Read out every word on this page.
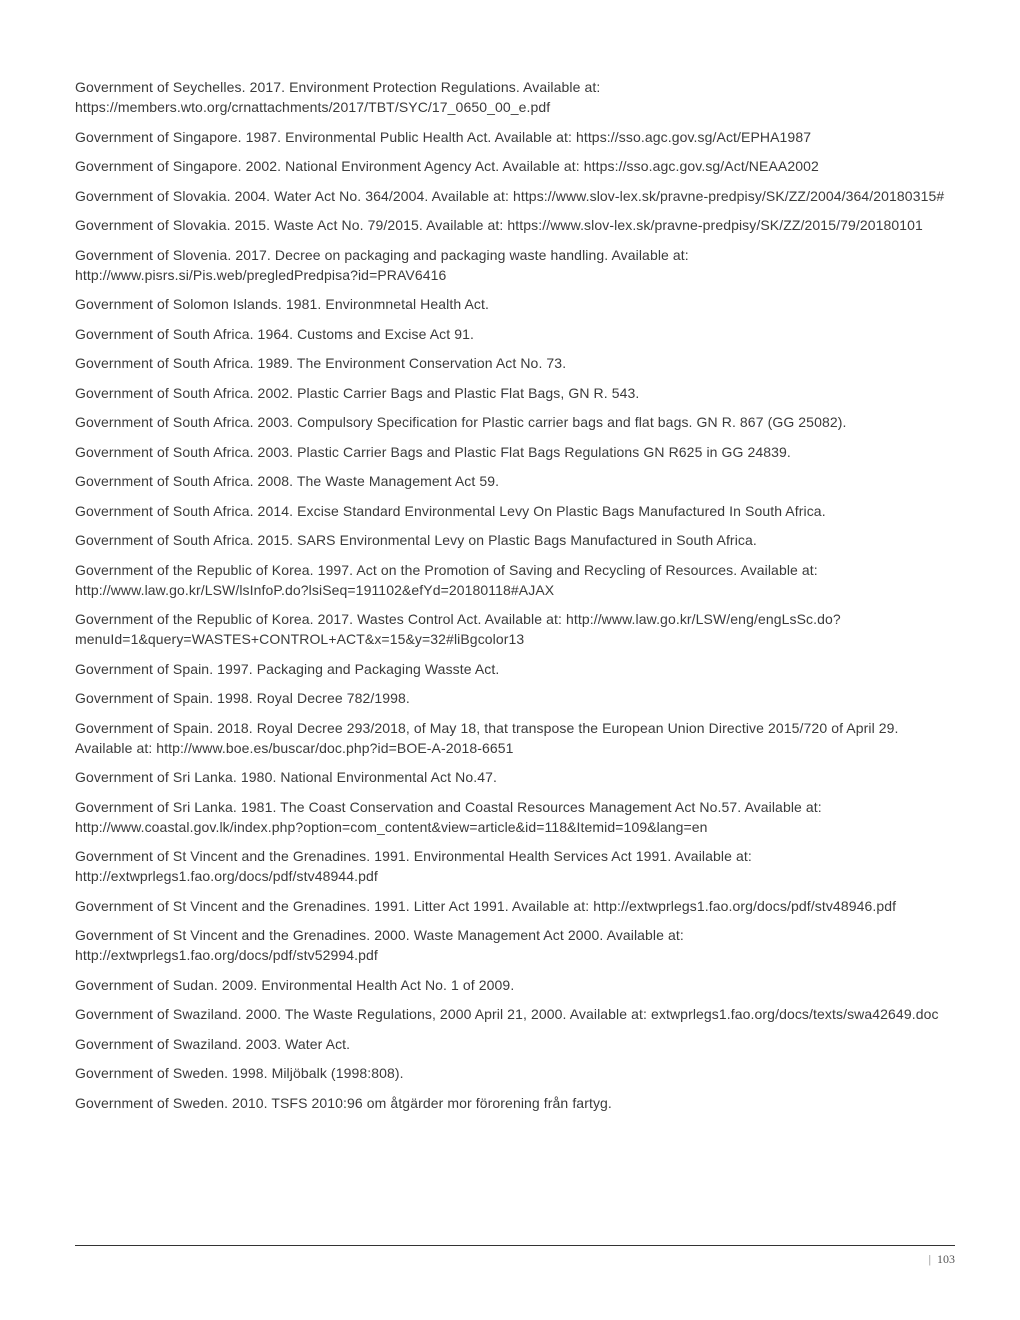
Government of Seychelles. 2017. Environment Protection Regulations. Available at: https://members.wto.org/crnattachments/2017/TBT/SYC/17_0650_00_e.pdf
Government of Singapore. 1987. Environmental Public Health Act. Available at: https://sso.agc.gov.sg/Act/EPHA1987
Government of Singapore. 2002. National Environment Agency Act. Available at: https://sso.agc.gov.sg/Act/NEAA2002
Government of Slovakia. 2004. Water Act No. 364/2004. Available at: https://www.slov-lex.sk/pravne-predpisy/SK/ZZ/2004/364/20180315#
Government of Slovakia. 2015. Waste Act No. 79/2015. Available at: https://www.slov-lex.sk/pravne-predpisy/SK/ZZ/2015/79/20180101
Government of Slovenia. 2017. Decree on packaging and packaging waste handling. Available at: http://www.pisrs.si/Pis.web/pregledPredpisa?id=PRAV6416
Government of Solomon Islands. 1981. Environmnetal Health Act.
Government of South Africa. 1964. Customs and Excise Act 91.
Government of South Africa. 1989. The Environment Conservation Act No. 73.
Government of South Africa. 2002. Plastic Carrier Bags and Plastic Flat Bags, GN R. 543.
Government of South Africa. 2003. Compulsory Specification for Plastic carrier bags and flat bags. GN R. 867 (GG 25082).
Government of South Africa. 2003. Plastic Carrier Bags and Plastic Flat Bags Regulations GN R625 in GG 24839.
Government of South Africa. 2008. The Waste Management Act 59.
Government of South Africa. 2014. Excise Standard Environmental Levy On Plastic Bags Manufactured In South Africa.
Government of South Africa. 2015. SARS Environmental Levy on Plastic Bags Manufactured in South Africa.
Government of the Republic of Korea. 1997. Act on the Promotion of Saving and Recycling of Resources. Available at: http://www.law.go.kr/LSW/lsInfoP.do?lsiSeq=191102&efYd=20180118#AJAX
Government of the Republic of Korea. 2017. Wastes Control Act. Available at: http://www.law.go.kr/LSW/eng/engLsSc.do?menuId=1&query=WASTES+CONTROL+ACT&x=15&y=32#liBgcolor13
Government of Spain. 1997. Packaging and Packaging Wasste Act.
Government of Spain. 1998. Royal Decree 782/1998.
Government of Spain. 2018. Royal Decree 293/2018, of May 18, that transpose the European Union Directive 2015/720 of April 29. Available at: http://www.boe.es/buscar/doc.php?id=BOE-A-2018-6651
Government of Sri Lanka. 1980. National Environmental Act No.47.
Government of Sri Lanka. 1981. The Coast Conservation and Coastal Resources Management Act No.57. Available at: http://www.coastal.gov.lk/index.php?option=com_content&view=article&id=118&Itemid=109&lang=en
Government of St Vincent and the Grenadines. 1991. Environmental Health Services Act 1991. Available at: http://extwprlegs1.fao.org/docs/pdf/stv48944.pdf
Government of St Vincent and the Grenadines. 1991. Litter Act 1991. Available at: http://extwprlegs1.fao.org/docs/pdf/stv48946.pdf
Government of St Vincent and the Grenadines. 2000. Waste Management Act 2000. Available at: http://extwprlegs1.fao.org/docs/pdf/stv52994.pdf
Government of Sudan. 2009. Environmental Health Act No. 1 of 2009.
Government of Swaziland. 2000. The Waste Regulations, 2000 April 21, 2000. Available at: extwprlegs1.fao.org/docs/texts/swa42649.doc
Government of Swaziland. 2003. Water Act.
Government of Sweden. 1998. Miljöbalk (1998:808).
Government of Sweden. 2010. TSFS 2010:96 om åtgärder mor förorening från fartyg.
| 103
